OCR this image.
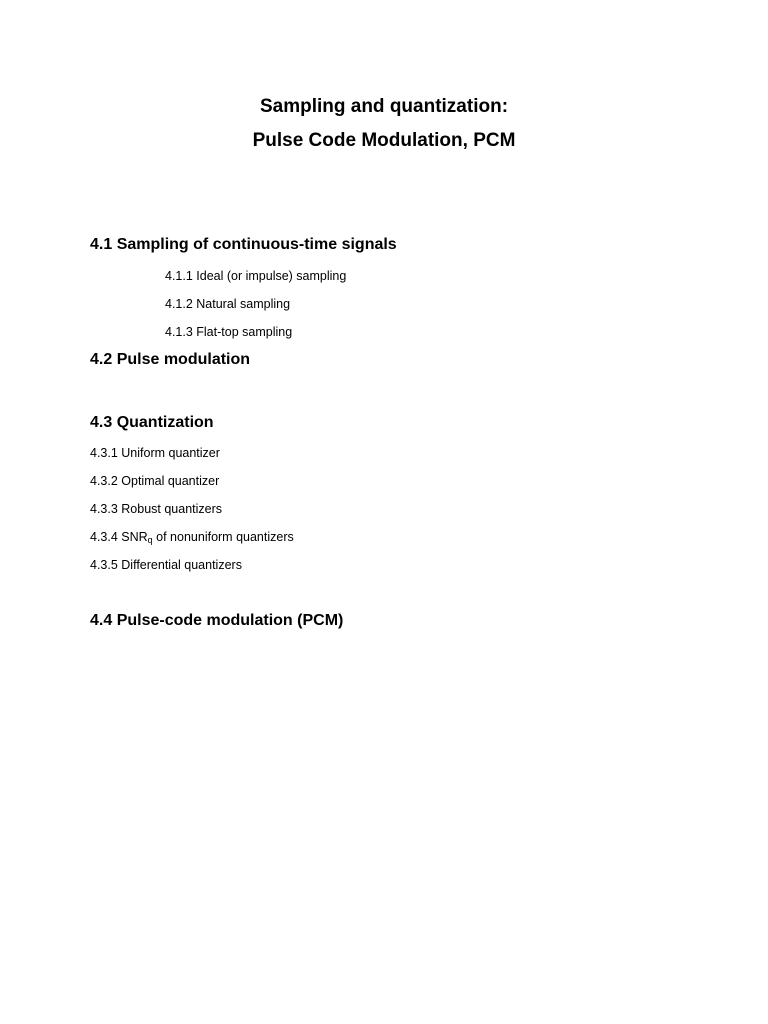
Sampling and quantization:

Pulse Code Modulation, PCM

4.1 Sampling of continuous-time signals

4.1.1 Ideal (or impulse) sampling

4.1.2 Natural sampling

4.1.3 Flat-top sampling

4.2 Pulse modulation

4.3 Quantization

4.3.1 Uniform quantizer

4.3.2 Optimal quantizer

4.3.3 Robust quantizers

4.3.4 $SNR_q$ of nonuniform quantizers

4.3.5 Differential quantizers

4.4 Pulse-code modulation (PCM)
